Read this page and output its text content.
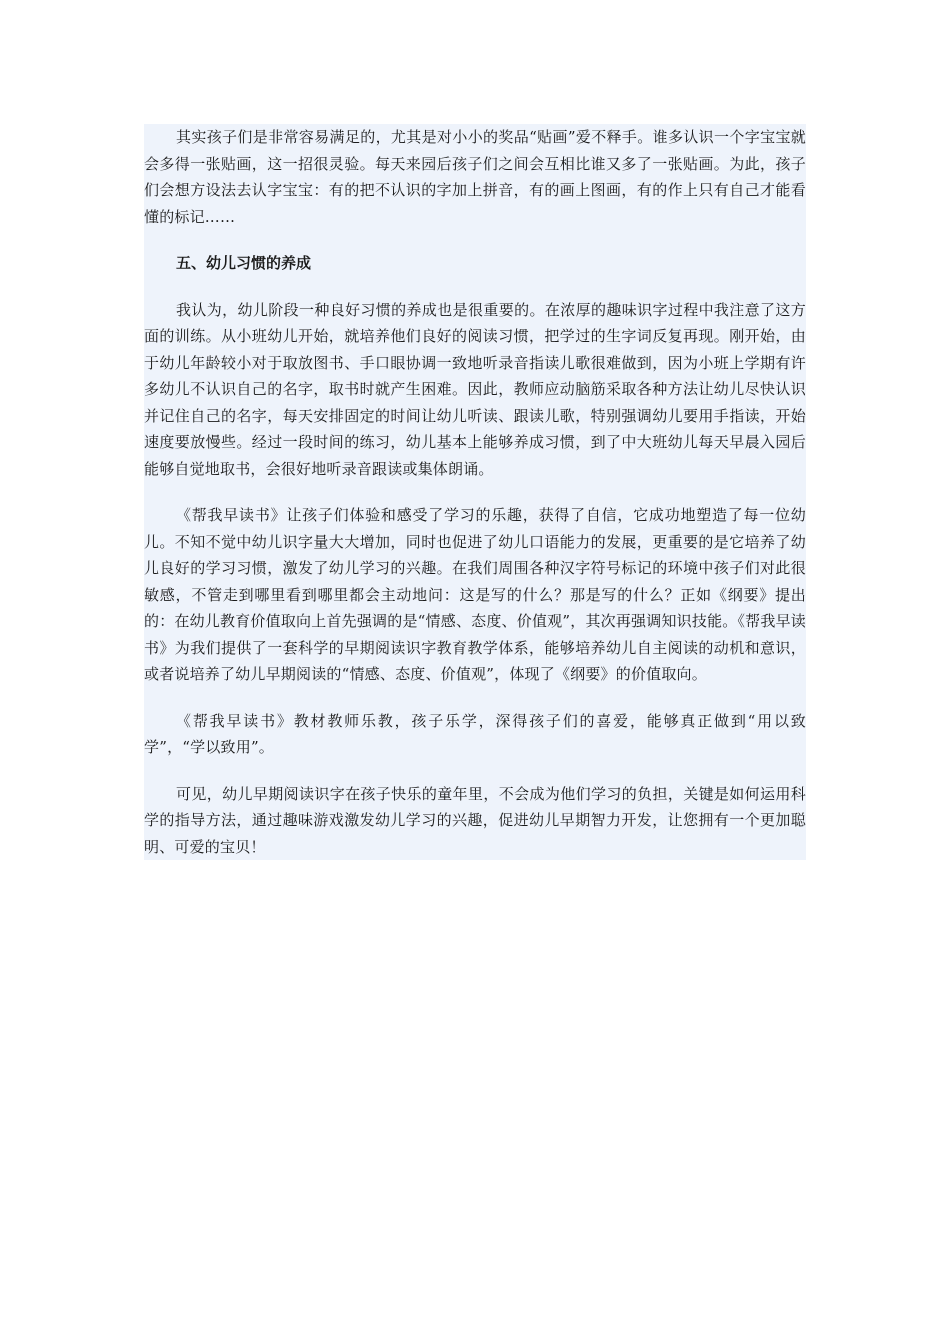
其实孩子们是非常容易满足的，尤其是对小小的奖品“贴画”爱不释手。谁多认识一个字宝宝就会多得一张贴画，这一招很灵验。每天来园后孩子们之间会互相比谁又多了一张贴画。为此，孩子们会想方设法去认字宝宝：有的把不认识的字加上拼音，有的画上图画，有的作上只有自己才能看懂的标记……

五、幼儿习惯的养成

我认为，幼儿阶段一种良好习惯的养成也是很重要的。在浓厚的趣味识字过程中我注意了这方面的训练。从小班幼儿开始，就培养他们良好的阅读习惯，把学过的生字词反复再现。刚开始，由于幼儿年龄较小对于取放图书、手口眼协调一致地听录音指读儿歌很难做到，因为小班上学期有许多幼儿不认识自己的名字，取书时就产生困难。因此，教师应动脑筋采取各种方法让幼儿尽快认识并记住自己的名字，每天安排固定的时间让幼儿听读、跟读儿歌，特别强调幼儿要用手指读，开始速度要放慢些。经过一段时间的练习，幼儿基本上能够养成习惯，到了中大班幼儿每天早晨入园后能够自觉地取书，会很好地听录音跟读或集体朗诵。

《帮我早读书》让孩子们体验和感受了学习的乐趣，获得了自信，它成功地塑造了每一位幼儿。不知不觉中幼儿识字量大大增加，同时也促进了幼儿口语能力的发展，更重要的是它培养了幼儿良好的学习习惯，激发了幼儿学习的兴趣。在我们周围各种汉字符号标记的环境中孩子们对此很敏感，不管走到哪里看到哪里都会主动地问：这是写的什么？那是写的什么？正如《纲要》提出的：在幼儿教育价值取向上首先强调的是“情感、态度、价值观”，其次再强调知识技能。《帮我早读书》为我们提供了一套科学的早期阅读识字教育教学体系，能够培养幼儿自主阅读的动机和意识，或者说培养了幼儿早期阅读的“情感、态度、价值观”，体现了《纲要》的价值取向。

《帮我早读书》教材教师乐教，孩子乐学，深得孩子们的喜爱，能够真正做到“用以致学”，“学以致用”。

可见，幼儿早期阅读识字在孩子快乐的童年里，不会成为他们学习的负担，关键是如何运用科学的指导方法，通过趣味游戏激发幼儿学习的兴趣，促进幼儿早期智力开发，让您拥有一个更加聪明、可爱的宝贝！
